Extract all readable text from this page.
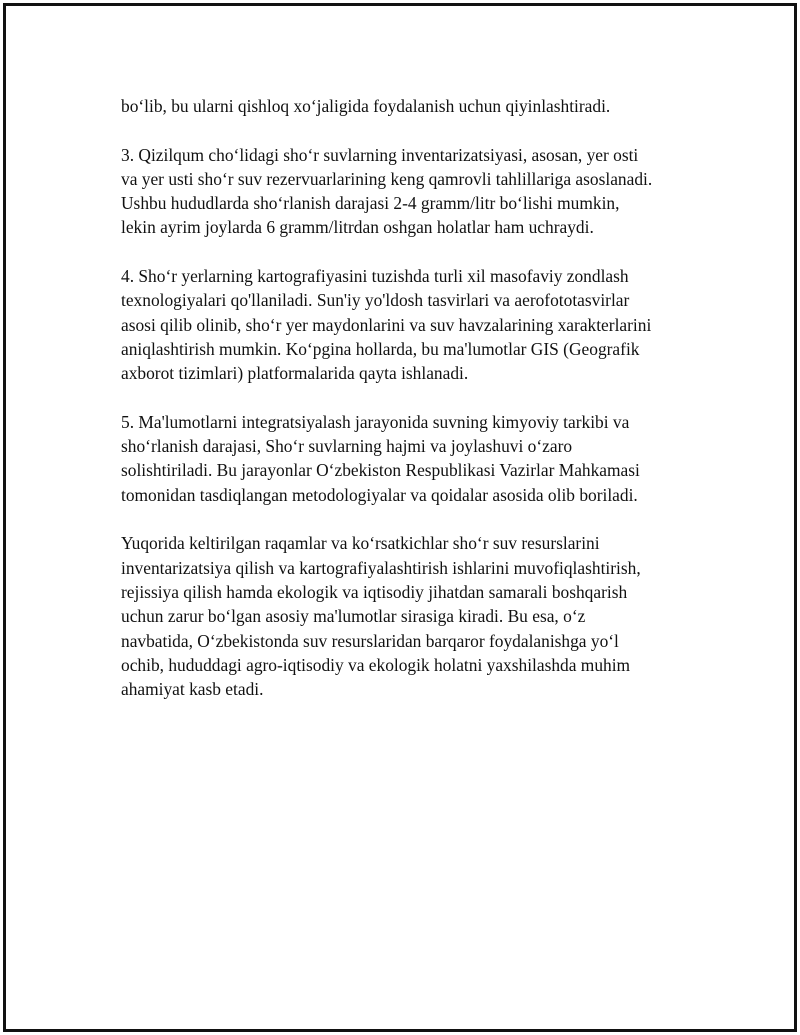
bo‘lib, bu ularni qishloq xo‘jaligida foydalanish uchun qiyinlashtiradi.

3. Qizilqum cho‘lidagi sho‘r suvlarning inventarizatsiyasi, asosan, yer osti
va yer usti sho‘r suv rezervuarlarining keng qamrovli tahlillariga asoslanadi.
Ushbu hududlarda sho‘rlanish darajasi 2-4 gramm/litr bo‘lishi mumkin,
lekin ayrim joylarda 6 gramm/litrdan oshgan holatlar ham uchraydi.

4. Sho‘r yerlarning kartografiyasini tuzishda turli xil masofaviy zondlash
texnologiyalari qo'llaniladi. Sun'iy yo'ldosh tasvirlari va aerofototasvirlar
asosi qilib olinib, sho‘r yer maydonlarini va suv havzalarining xarakterlarini
aniqlashtirish mumkin. Ko‘pgina hollarda, bu ma'lumotlar GIS (Geografik
axborot tizimlari) platformalarida qayta ishlanadi.

5. Ma'lumotlarni integratsiyalash jarayonida suvning kimyoviy tarkibi va
sho‘rlanish darajasi, Sho‘r suvlarning hajmi va joylashuvi o‘zaro
solishtiriladi. Bu jarayonlar O‘zbekiston Respublikasi Vazirlar Mahkamasi
tomonidan tasdiqlangan metodologiyalar va qoidalar asosida olib boriladi.

Yuqorida keltirilgan raqamlar va ko‘rsatkichlar sho‘r suv resurslarini
inventarizatsiya qilish va kartografiyalashtirish ishlarini muvofiqlashtirish,
rejissiya qilish hamda ekologik va iqtisodiy jihatdan samarali boshqarish
uchun zarur bo‘lgan asosiy ma'lumotlar sirasiga kiradi. Bu esa, o‘z
navbatida, O‘zbekistonda suv resurslaridan barqaror foydalanishga yo‘l
ochib, hududdagi agro-iqtisodiy va ekologik holatni yaxshilashda muhim
ahamiyat kasb etadi.
